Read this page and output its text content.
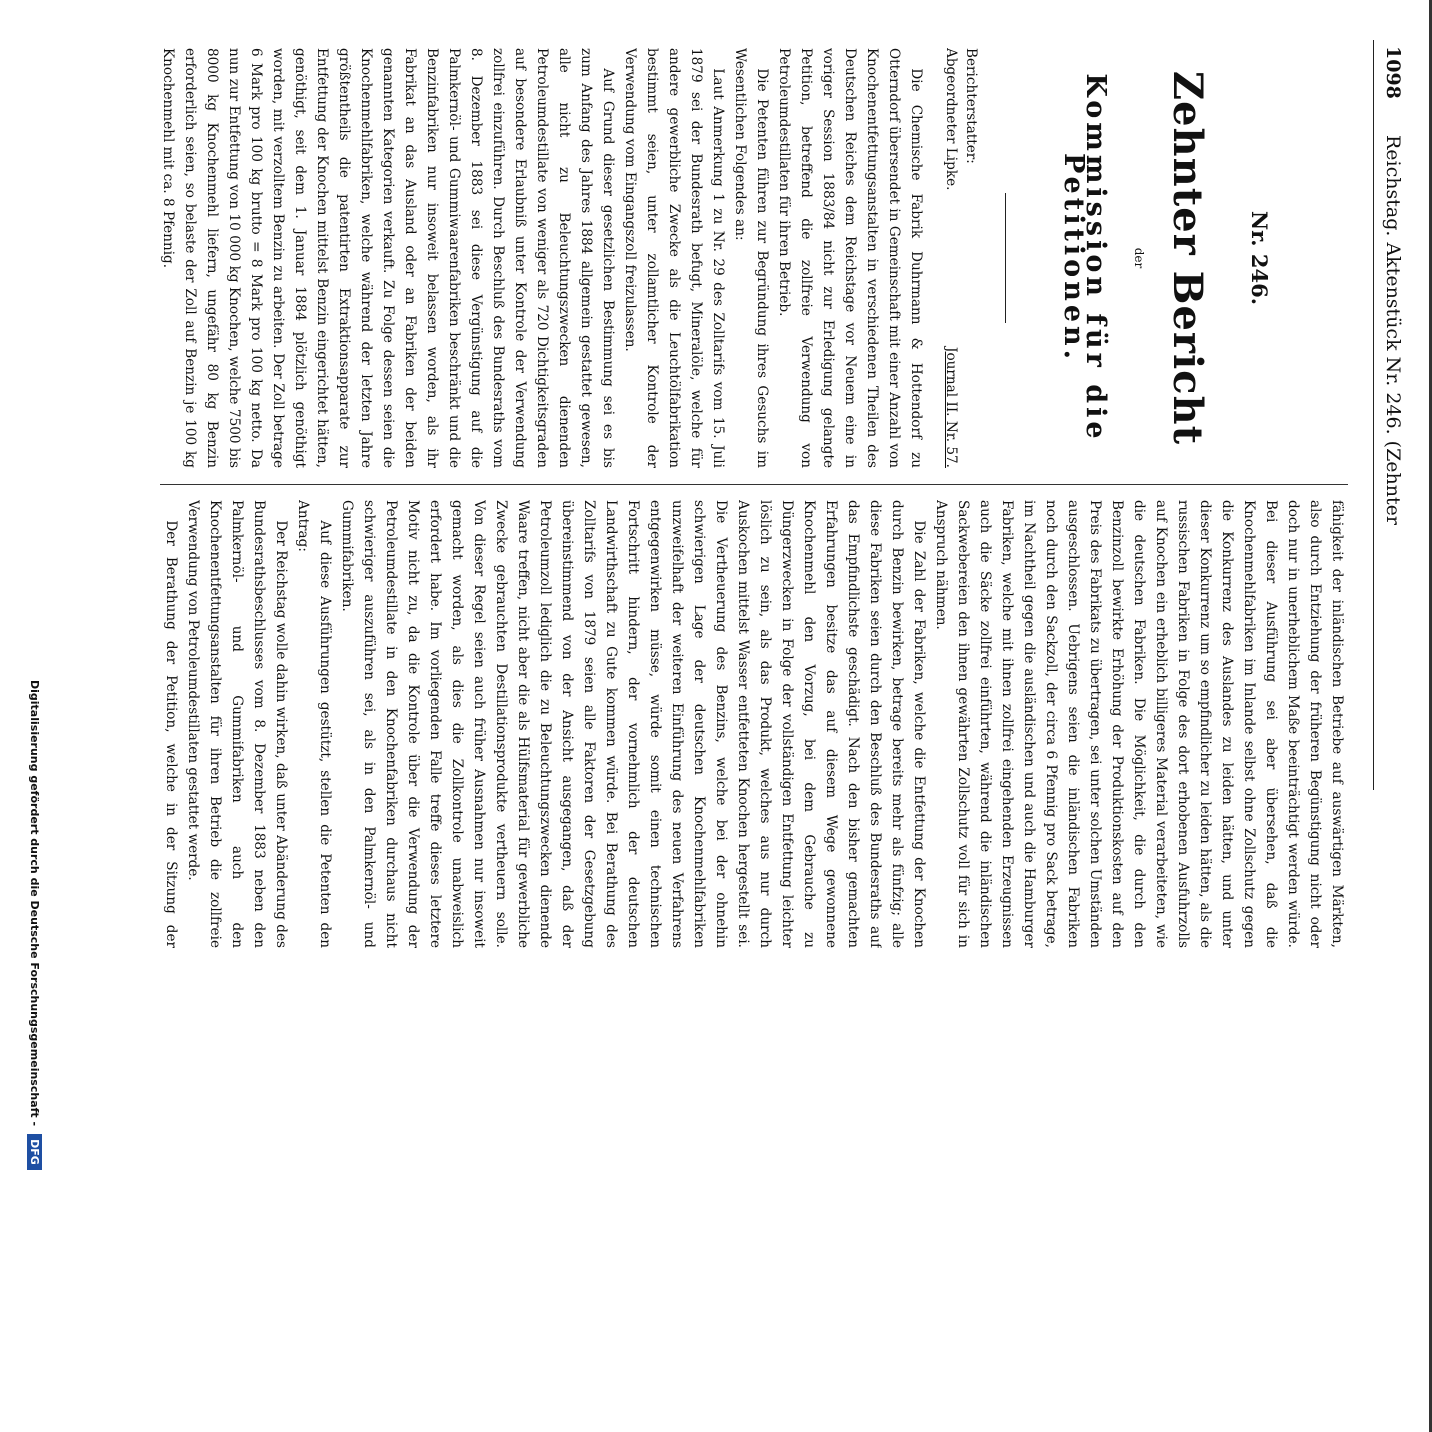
1098
Reichstag. Aktenstück Nr. 246. (Zehnter
Nr. 246.
Zehnter Bericht
der
Kommission für die Petitionen.
Berichterstatter:
Abgeordneter Lipke.
Journal II. Nr. 57.

Die Chemische Fabrik Duhrmann & Hottendorf zu Otterndorf übersendet in Gemeinschaft mit einer Anzahl von Knochenentfettungsanstalten in verschiedenen Theilen des Deutschen Reiches dem Reichstage vor Neuem eine in voriger Session 1883/84 nicht zur Erledigung gelangte Petition, betreffend die zollfreie Verwendung von Petroleumdestillaten für ihren Betrieb.

Die Petenten führen zur Begründung ihres Gesuchs im Wesentlichen Folgendes an:

Laut Anmerkung 1 zu Nr. 29 des Zolltarifs vom 15. Juli 1879 sei der Bundesrath befugt, Mineralöle, welche für andere gewerbliche Zwecke als die Leuchtölfabrikation bestimmt seien, unter zollamtlicher Kontrole der Verwendung vom Eingangszoll freizulassen.

Auf Grund dieser gesetzlichen Bestimmung sei es bis zum Anfang des Jahres 1884 allgemein gestattet gewesen, alle nicht zu Beleuchtungszwecken dienenden Petroleumdestillate von weniger als 720 Dichtigkeitsgraden auf besondere Erlaubniß unter Kontrole der Verwendung zollfrei einzuführen. Durch Beschluß des Bundesraths vom 8. Dezember 1883 sei diese Vergünstigung auf die Palmkernöl- und Gummiwaarenfabriken beschränkt und die Benzinfabriken nur insoweit belassen worden, als ihr Fabrikat an das Ausland oder an Fabriken der beiden genannten Kategorien verkauft. Zu Folge dessen seien die Knochenmehlfabriken, welche während der letzten Jahre größtentheils die patentirten Extraktionsapparate zur Entfettung der Knochen mittelst Benzin eingerichtet hätten, genöthigt, seit dem 1. Januar 1884 plötzlich genöthigt worden, mit verzolltem Benzin zu arbeiten. Der Zoll betrage 6 Mark pro 100 kg brutto = 8 Mark pro 100 kg netto. Da nun zur Entfettung von 10 000 kg Knochen, welche 7500 bis 8000 kg Knochenmehl liefern, ungefähr 80 kg Benzin erforderlich seien, so belaste der Zoll auf Benzin je 100 kg Knochenmehl mit ca. 8 Pfennig.

fähigkeit der inländischen Betriebe auf auswärtigen Märkten, also durch Entziehung der früheren Begünstigung nicht oder doch nur in unerheblichem Maße beeinträchtigt werden würde. Bei dieser Ausführung sei aber übersehen, daß die Knochenmehlfabriken im Inlande selbst ohne Zollschutz gegen die Konkurrenz des Auslandes zu leiden hätten, und unter dieser Konkurrenz um so empfindlicher zu leiden hätten, als die russischen Fabriken in Folge des dort erhobenen Ausfuhrzolls auf Knochen ein erheblich billigeres Material verarbeiteten, wie die deutschen Fabriken. Die Möglichkeit, die durch den Benzinzoll bewirkte Erhöhung der Produktionskosten auf den Preis des Fabrikats zu übertragen, sei unter solchen Umständen ausgeschlossen. Uebrigens seien die inländischen Fabriken noch durch den Sackzoll, der circa 6 Pfennig pro Sack betrage, im Nachtheil gegen die ausländischen und auch die Hamburger Fabriken, welche mit ihnen zollfrei eingehenden Erzeugnissen auch die Säcke zollfrei einführten, während die inländischen Sackwebereien den ihnen gewährten Zollschutz voll für sich in Anspruch nähmen.

Die Zahl der Fabriken, welche die Entfettung der Knochen durch Benzin bewirken, betrage bereits mehr als fünfzig; alle diese Fabriken seien durch den Beschluß des Bundesraths auf das Empfindlichste geschädigt. Nach den bisher gemachten Erfahrungen besitze das auf diesem Wege gewonnene Knochenmehl den Vorzug, bei dem Gebrauche zu Düngerzwecken in Folge der vollständigen Entfettung leichter löslich zu sein, als das Produkt, welches aus nur durch Auskochen mittelst Wasser entfetteten Knochen hergestellt sei. Die Vertheuerung des Benzins, welche bei der ohnehin schwierigen Lage der deutschen Knochenmehlfabriken unzweifelhaft der weiteren Einführung des neuen Verfahrens entgegenwirken müsse, würde somit einen technischen Fortschritt hindern, der vornehmlich der deutschen Landwirthschaft zu Gute kommen würde. Bei Berathung des Zolltarifs von 1879 seien alle Faktoren der Gesetzgebung übereinstimmend von der Ansicht ausgegangen, daß der Petroleumzoll lediglich die zu Beleuchtungszwecken dienende Waare treffen, nicht aber die als Hülfsmaterial für gewerbliche Zwecke gebrauchten Destillationsprodukte vertheuern solle. Von dieser Regel seien auch früher Ausnahmen nur insoweit gemacht worden, als dies die Zollkontrole unabweislich erfordert habe. Im vorliegenden Falle treffe dieses letztere Motiv nicht zu, da die Kontrole über die Verwendung der Petroleumdestillate in den Knochenfabriken durchaus nicht schwieriger auszuführen sei, als in den Palmkernöl- und Gummifabriken.

Auf diese Ausführungen gestützt, stellen die Petenten den Antrag:

Der Reichstag wolle dahin wirken, daß unter Abänderung des Bundesrathsbeschlusses vom 8. Dezember 1883 neben den Palmkernöl- und Gummifabriken auch den Knochenentfettungsanstalten für ihren Betrieb die zollfreie Verwendung von Petroleumdestillaten gestattet werde.

Der Berathung der Petition, welche in der Sitzung der

Digitalisierung gefördert durch die Deutsche Forschungsgemeinschaft -DFG
